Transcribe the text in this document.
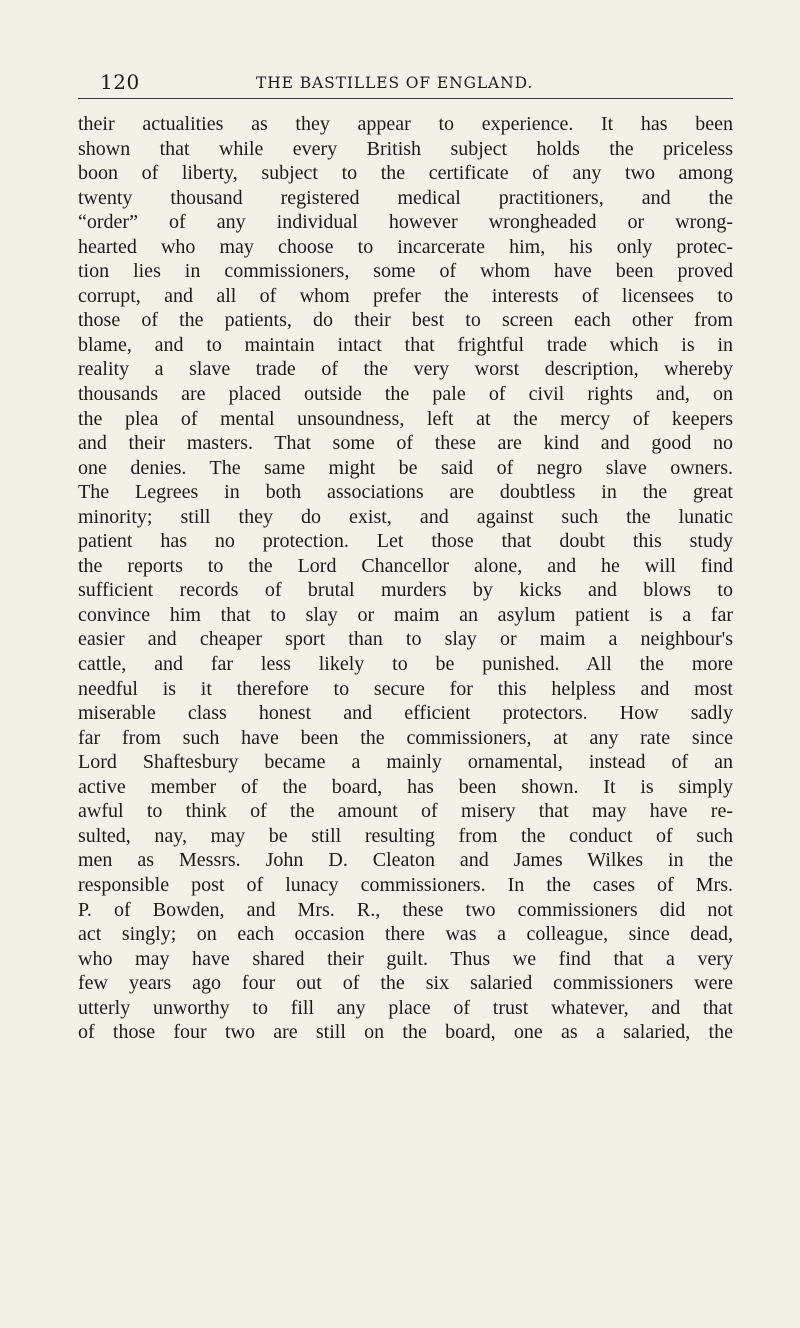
120	THE BASTILLES OF ENGLAND.
their actualities as they appear to experience. It has been
shown that while every British subject holds the priceless
boon of liberty, subject to the certificate of any two among
twenty thousand registered medical practitioners, and the
“order” of any individual however wrongheaded or wrong-
hearted who may choose to incarcerate him, his only protec-
tion lies in commissioners, some of whom have been proved
corrupt, and all of whom prefer the interests of licensees to
those of the patients, do their best to screen each other from
blame, and to maintain intact that frightful trade which is in
reality a slave trade of the very worst description, whereby
thousands are placed outside the pale of civil rights and, on
the plea of mental unsoundness, left at the mercy of keepers
and their masters. That some of these are kind and good no
one denies. The same might be said of negro slave owners.
The Legrees in both associations are doubtless in the great
minority; still they do exist, and against such the lunatic
patient has no protection. Let those that doubt this study
the reports to the Lord Chancellor alone, and he will find
sufficient records of brutal murders by kicks and blows to
convince him that to slay or maim an asylum patient is a far
easier and cheaper sport than to slay or maim a neighbour's
cattle, and far less likely to be punished. All the more
needful is it therefore to secure for this helpless and most
miserable class honest and efficient protectors. How sadly
far from such have been the commissioners, at any rate since
Lord Shaftesbury became a mainly ornamental, instead of an
active member of the board, has been shown. It is simply
awful to think of the amount of misery that may have re-
sulted, nay, may be still resulting from the conduct of such
men as Messrs. John D. Cleaton and James Wilkes in the
responsible post of lunacy commissioners. In the cases of Mrs.
P. of Bowden, and Mrs. R., these two commissioners did not
act singly; on each occasion there was a colleague, since dead,
who may have shared their guilt. Thus we find that a very
few years ago four out of the six salaried commissioners were
utterly unworthy to fill any place of trust whatever, and that
of those four two are still on the board, one as a salaried, the
